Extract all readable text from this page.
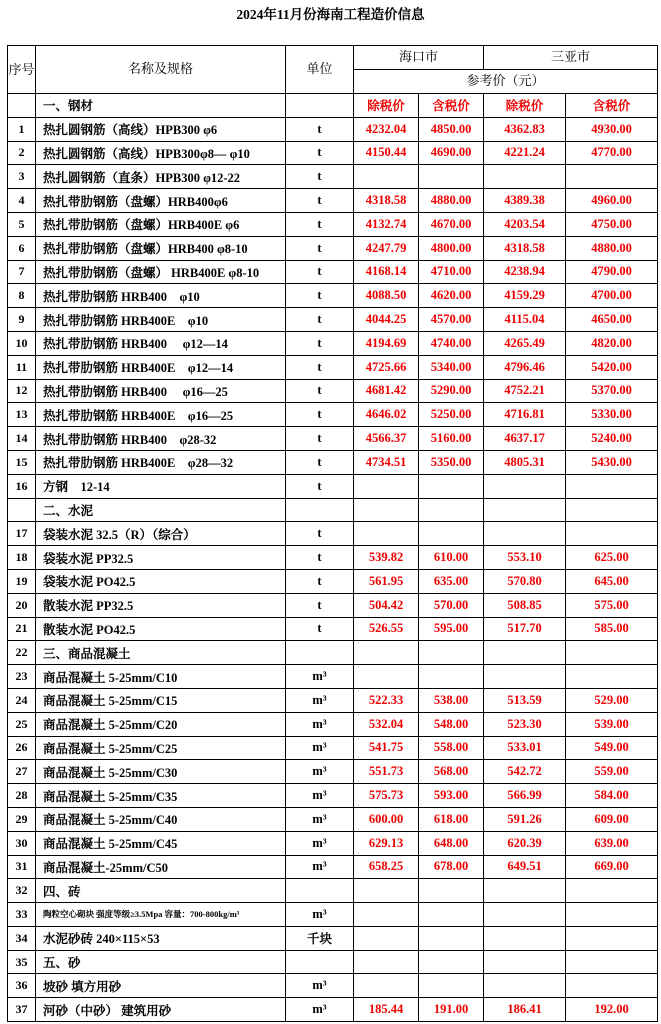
2024年11月份海南工程造价信息
序号	名称及规格	单位	海口市		三亚市	
			参考价（元）			
	一、钢材		除税价	含税价	除税价	含税价
1	热扎圆钢筋（高线）HPB300 φ6	t	4232.04	4850.00	4362.83	4930.00
2	热扎圆钢筋（高线）HPB300φ8— φ10	t	4150.44	4690.00	4221.24	4770.00
3	热扎圆钢筋（直条）HPB300 φ12-22	t				
4	热扎带肋钢筋（盘螺）HRB400φ6	t	4318.58	4880.00	4389.38	4960.00
5	热扎带肋钢筋（盘螺）HRB400E φ6	t	4132.74	4670.00	4203.54	4750.00
6	热扎带肋钢筋（盘螺）HRB400 φ8-10	t	4247.79	4800.00	4318.58	4880.00
7	热扎带肋钢筋（盘螺） HRB400E φ8-10	t	4168.14	4710.00	4238.94	4790.00
8	热扎带肋钢筋 HRB400　φ10	t	4088.50	4620.00	4159.29	4700.00
9	热扎带肋钢筋 HRB400E　φ10	t	4044.25	4570.00	4115.04	4650.00
10	热扎带肋钢筋 HRB400　 φ12—14	t	4194.69	4740.00	4265.49	4820.00
11	热扎带肋钢筋 HRB400E　φ12—14	t	4725.66	5340.00	4796.46	5420.00
12	热扎带肋钢筋 HRB400　 φ16—25	t	4681.42	5290.00	4752.21	5370.00
13	热扎带肋钢筋 HRB400E　φ16—25	t	4646.02	5250.00	4716.81	5330.00
14	热扎带肋钢筋 HRB400　φ28-32	t	4566.37	5160.00	4637.17	5240.00
15	热扎带肋钢筋 HRB400E　φ28—32	t	4734.51	5350.00	4805.31	5430.00
16	方钢　12-14	t				
	二、水泥					
17	袋装水泥 32.5（R）（综合）	t				
18	袋装水泥 PP32.5	t	539.82	610.00	553.10	625.00
19	袋装水泥 PO42.5	t	561.95	635.00	570.80	645.00
20	散装水泥 PP32.5	t	504.42	570.00	508.85	575.00
21	散装水泥 PO42.5	t	526.55	595.00	517.70	585.00
22	三、商品混凝土					
23	商品混凝土 5-25mm/C10	m³				
24	商品混凝土 5-25mm/C15	m³	522.33	538.00	513.59	529.00
25	商品混凝土 5-25mm/C20	m³	532.04	548.00	523.30	539.00
26	商品混凝土 5-25mm/C25	m³	541.75	558.00	533.01	549.00
27	商品混凝土 5-25mm/C30	m³	551.73	568.00	542.72	559.00
28	商品混凝土 5-25mm/C35	m³	575.73	593.00	566.99	584.00
29	商品混凝土 5-25mm/C40	m³	600.00	618.00	591.26	609.00
30	商品混凝土 5-25mm/C45	m³	629.13	648.00	620.39	639.00
31	商品混凝土-25mm/C50	m³	658.25	678.00	649.51	669.00
32	四、砖					
33	陶粒空心砌块 强度等级≥3.5Mpa 容量：700-800kg/m³	m³				
34	水泥砂砖 240×115×53	千块				
35	五、砂					
36	坡砂 填方用砂	m³				
37	河砂（中砂） 建筑用砂	m³	185.44	191.00	186.41	192.00
